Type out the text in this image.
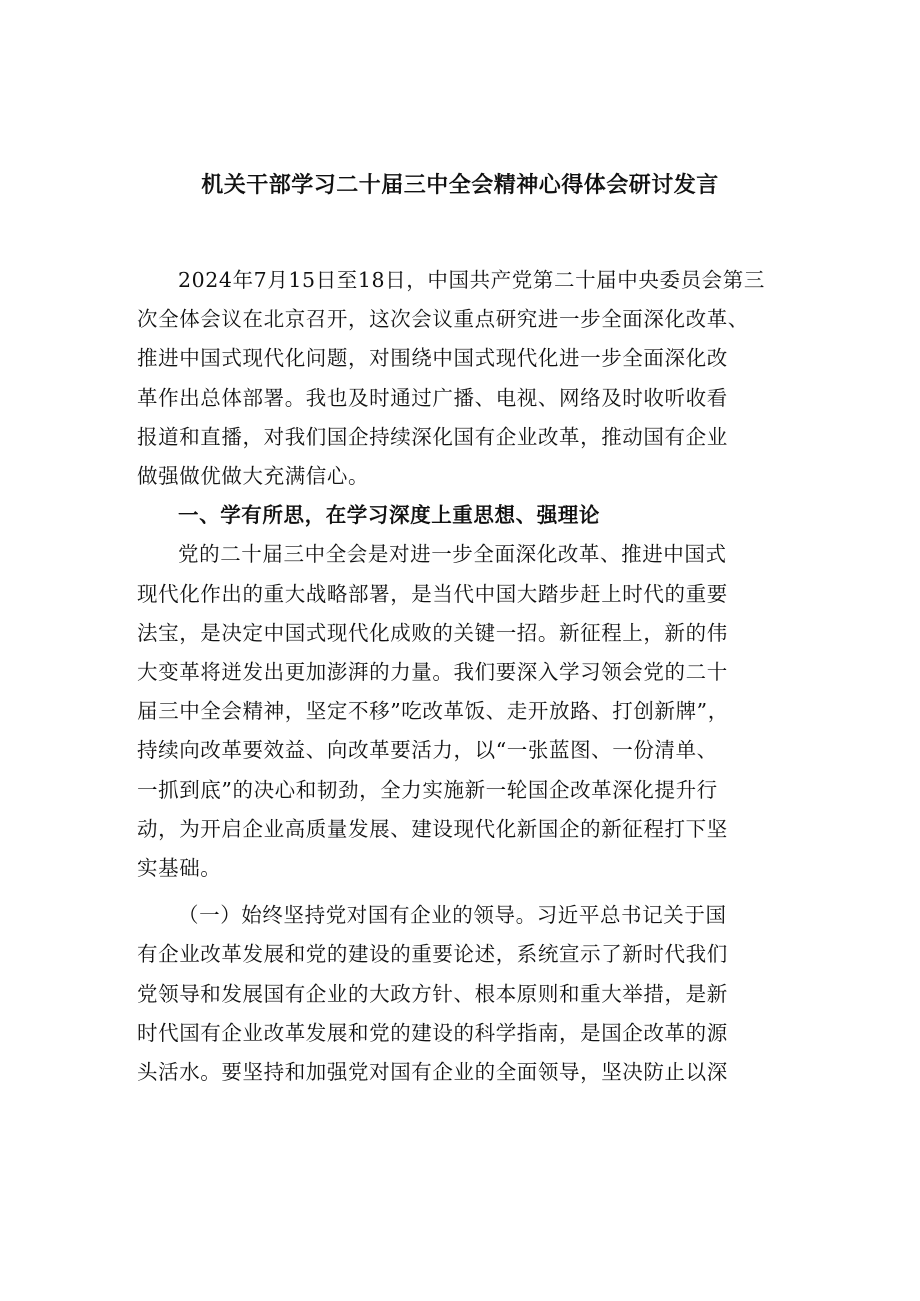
机关干部学习二十届三中全会精神心得体会研讨发言
2024年7月15日至18日，中国共产党第二十届中央委员会第三
次全体会议在北京召开，这次会议重点研究进一步全面深化改革、
推进中国式现代化问题，对围绕中国式现代化进一步全面深化改
革作出总体部署。我也及时通过广播、电视、网络及时收听收看
报道和直播，对我们国企持续深化国有企业改革，推动国有企业
做强做优做大充满信心。
一、学有所思，在学习深度上重思想、强理论
党的二十届三中全会是对进一步全面深化改革、推进中国式
现代化作出的重大战略部署，是当代中国大踏步赶上时代的重要
法宝，是决定中国式现代化成败的关键一招。新征程上，新的伟
大变革将迸发出更加澎湃的力量。我们要深入学习领会党的二十
届三中全会精神，坚定不移”吃改革饭、走开放路、打创新牌”，
持续向改革要效益、向改革要活力，以“一张蓝图、一份清单、
一抓到底”的决心和韧劲，全力实施新一轮国企改革深化提升行
动，为开启企业高质量发展、建设现代化新国企的新征程打下坚
实基础。
（一）始终坚持党对国有企业的领导。习近平总书记关于国
有企业改革发展和党的建设的重要论述，系统宣示了新时代我们
党领导和发展国有企业的大政方针、根本原则和重大举措，是新
时代国有企业改革发展和党的建设的科学指南，是国企改革的源
头活水。要坚持和加强党对国有企业的全面领导，坚决防止以深
